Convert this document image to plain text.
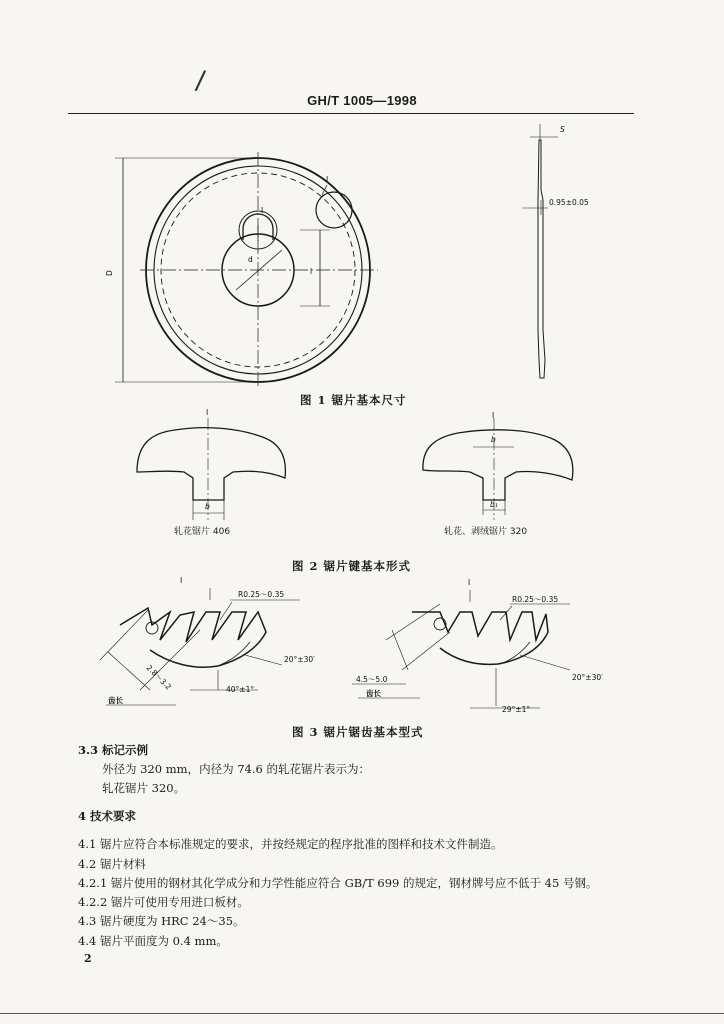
/
GH/T 1005—1998
D
I
I
d
l
0.95±0.05
S
I	I
b
b
b₁
I
R0.25～0.35
20°±30′
40°±1°
2.8～3.2
齿长
I
R0.25～0.35
20°±30′
29°±1°
4.5～5.0
齿长
图 1 锯片基本尺寸
轧花锯片 406	轧花、剥绒锯片 320
图 2 锯片键基本形式
图 3 锯片锯齿基本型式
3.3 标记示例
外径为 320 mm，内径为 74.6 的轧花锯片表示为：
轧花锯片 320。
4 技术要求
4.1 锯片应符合本标准规定的要求，并按经规定的程序批准的图样和技术文件制造。
4.2 锯片材料
4.2.1 锯片使用的钢材其化学成分和力学性能应符合 GB/T 699 的规定，钢材牌号应不低于 45 号钢。
4.2.2 锯片可使用专用进口板材。
4.3 锯片硬度为 HRC 24～35。
4.4 锯片平面度为 0.4 mm。
2
